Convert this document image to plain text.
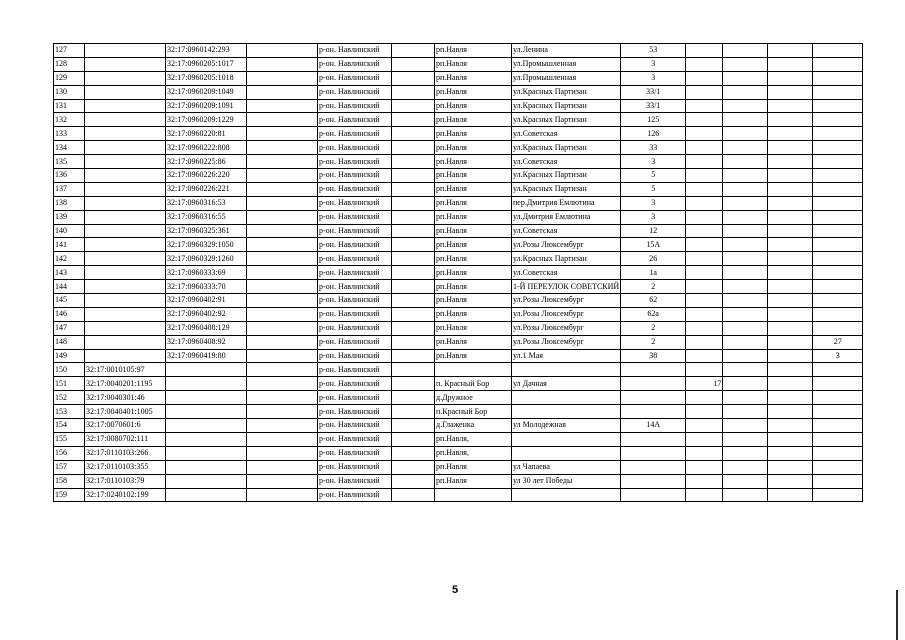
127		32:17:0960142:293		р-он. Навлинский		рп.Навля	ул.Ленина	53				
128		32:17:0960205:1017		р-он. Навлинский		рп.Навля	ул.Промышленная	3				
129		32:17:0960205:1018		р-он. Навлинский		рп.Навля	ул.Промышленная	3				
130		32:17:0960209:1049		р-он. Навлинский		рп.Навля	ул.Красных Партизан	33/1				
131		32:17:0960209:1091		р-он. Навлинский		рп.Навля	ул.Красных Партизан	33/1				
132		32:17:0960209:1229		р-он. Навлинский		рп.Навля	ул.Красных Партизан	125				
133		32:17:0960220:81		р-он. Навлинский		рп.Навля	ул.Советская	126				
134		32:17:0960222:808		р-он. Навлинский		рп.Навля	ул.Красных Партизан	33				
135		32:17:0960225:86		р-он. Навлинский		рп.Навля	ул.Советская	3				
136		32:17:0960226:220		р-он. Навлинский		рп.Навля	ул.Красных Партизан	5				
137		32:17:0960226:221		р-он. Навлинский		рп.Навля	ул.Красных Партизан	5				
138		32:17:0960316:53		р-он. Навлинский		рп.Навля	пер.Дмитрия Емлютина	3				
139		32:17:0960316:55		р-он. Навлинский		рп.Навля	ул.Дмитрия Емлютина	3				
140		32:17:0960325:361		р-он. Навлинский		рп.Навля	ул.Советская	12				
141		32:17:0960329:1050		р-он. Навлинский		рп.Навля	ул.Розы Люксембург	15А				
142		32:17:0960329:1260		р-он. Навлинский		рп.Навля	ул.Красных Партизан	26				
143		32:17:0960333:69		р-он. Навлинский		рп.Навля	ул.Советская	1а				
144		32:17:0960333:70		р-он. Навлинский		рп.Навля	1-Й ПЕРЕУЛОК СОВЕТСКИЙ	2				
145		32:17:0960402:91		р-он. Навлинский		рп.Навля	ул.Розы Люксембург	62				
146		32:17:0960402:92		р-он. Навлинский		рп.Навля	ул.Розы Люксембург	62а				
147		32:17:0960408:129		р-он. Навлинский		рп.Навля	ул.Розы Люксембург	2				
148		32:17:0960408:92		р-он. Навлинский		рп.Навля	ул.Розы Люксембург	2				27
149		32:17:0960419:80		р-он. Навлинский		рп.Навля	ул.1 Мая	38				3
150	32:17:0010105:97			р-он. Навлинский								
151	32:17:0040201:1195			р-он. Навлинский		п. Красный Бор	ул Дачная		17			
152	32:17:0040301:46			р-он. Навлинский		д.Дружное						
153	32:17:0040401:1005			р-он. Навлинский		п.Красный Бор						
154	32:17:0070601:6			р-он. Навлинский		д.Глаженка	ул Молодежная	14А				
155	32:17:0080702:111			р-он. Навлинский		рп.Навля,						
156	32:17:0110103:266			р-он. Навлинский		рп.Навля,						
157	32:17:0110103:355			р-он. Навлинский		рп.Навля	ул Чапаева					
158	32:17:0110103:79			р-он. Навлинский		рп.Навля	ул 30 лет Победы					
159	32:17:0240102:199			р-он. Навлинский								
5
